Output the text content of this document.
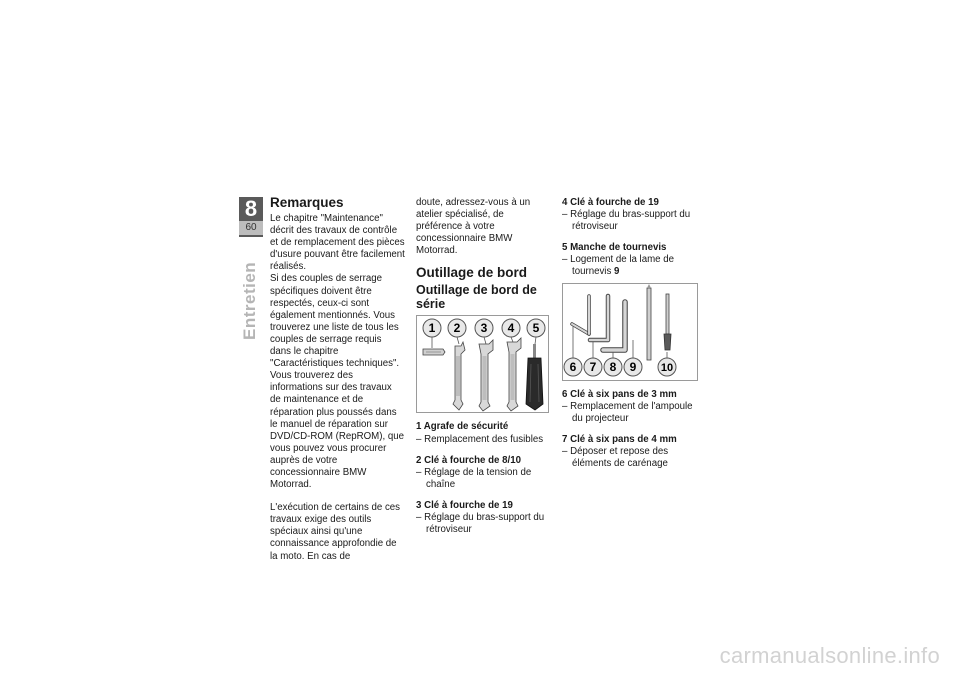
8
60
Entretien
Remarques

Le chapitre "Maintenance" décrit des travaux de contrôle et de remplacement des pièces d'usure pouvant être facilement réalisés.

Si des couples de serrage spécifiques doivent être respectés, ceux-ci sont également mentionnés. Vous trouverez une liste de tous les couples de serrage requis dans le chapitre "Caractéristiques techniques".

Vous trouverez des informations sur des travaux de maintenance et de réparation plus poussés dans le manuel de réparation sur DVD/CD-ROM (RepROM), que vous pouvez vous procurer auprès de votre concessionnaire BMW Motorrad.

L'exécution de certains de ces travaux exige des outils spéciaux ainsi qu'une connaissance approfondie de la moto. En cas de

doute, adressez-vous à un atelier spécialisé, de préférence à votre concessionnaire BMW Motorrad.

Outillage de bord
Outillage de bord de série
1 2 3 4 5

1 Agrafe de sécurité

– Remplacement des fusibles

2 Clé à fourche de 8/10

– Réglage de la tension de chaîne

3 Clé à fourche de 19

– Réglage du bras-support du rétroviseur

4 Clé à fourche de 19

– Réglage du bras-support du rétroviseur

5 Manche de tournevis

– Logement de la lame de tournevis 9

6 7 8 9 10

6 Clé à six pans de 3 mm

– Remplacement de l'ampoule du projecteur

7 Clé à six pans de 4 mm

– Déposer et repose des éléments de carénage

carmanualsonline.info
